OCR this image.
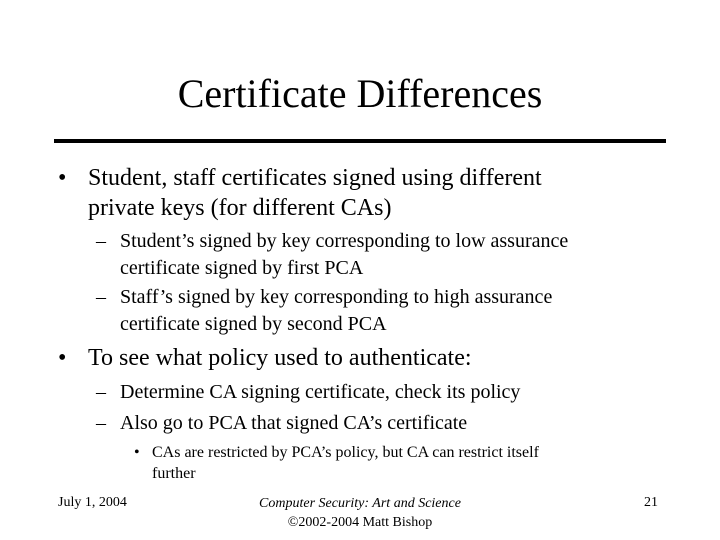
Certificate Differences
• Student, staff certificates signed using different
private keys (for different CAs)
– Student’s signed by key corresponding to low assurance
certificate signed by first PCA
– Staff’s signed by key corresponding to high assurance
certificate signed by second PCA
• To see what policy used to authenticate:
– Determine CA signing certificate, check its policy
– Also go to PCA that signed CA’s certificate
• CAs are restricted by PCA’s policy, but CA can restrict itself
further
July 1, 2004	Computer Security: Art and Science
©2002-2004 Matt Bishop
21
